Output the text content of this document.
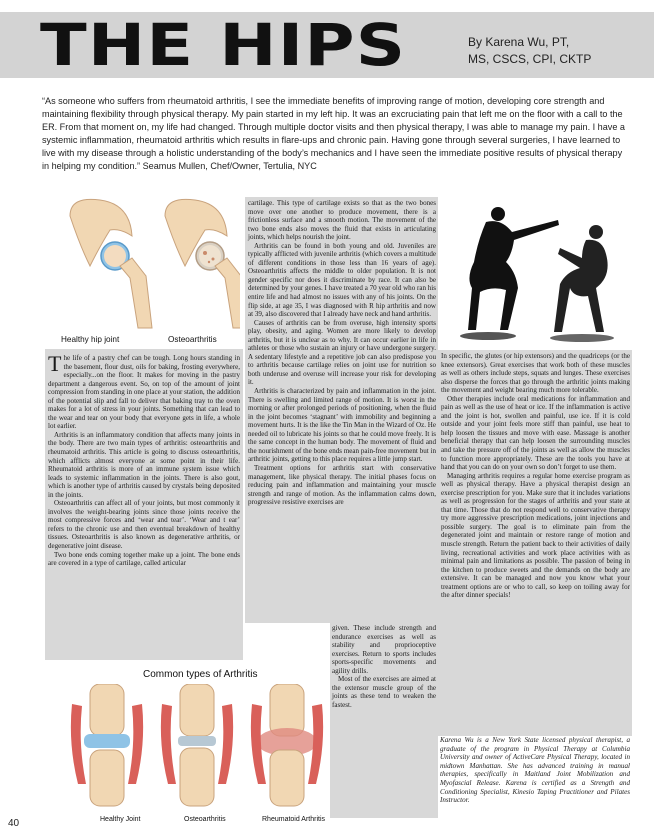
THE HIPS	By Karena Wu, PT,
MS, CSCS, CPI, CKTP
“As someone who suffers from rheumatoid arthritis, I see the immediate benefits of improving range of motion, developing core strength and maintaining flexibility through physical therapy. My pain started in my left hip. It was an excruciating pain that left me on the floor with a call to the ER. From that moment on, my life had changed. Through multiple doctor visits and then physical therapy, I was able to manage my pain. I have a systemic inflammation, rheumatoid arthritis which results in flare-ups and chronic pain. Having gone through several surgeries, I have learned to live with my disease through a holistic understanding of the body’s mechanics and I have seen the immediate positive results of physical therapy in helping my condition.” Seamus Mullen, Chef/Owner, Tertulia, NYC
Healthy hip joint	Osteoarthritis

The life of a pastry chef can be tough. Long hours standing in the basement, flour dust, oils for baking, frosting everywhere, especially...on the floor. It makes for moving in the pastry department a dangerous event. So, on top of the amount of joint compression from standing in one place at your station, the addition of the potential slip and fall to deliver that baking tray to the oven makes for a lot of stress in your joints. Something that can lead to the wear and tear on your body that everyone gets in life, a whole lot earlier.

Arthritis is an inflammatory condition that affects many joints in the body. There are two main types of arthritis: osteoarthritis and rheumatoid arthritis. This article is going to discuss osteoarthritis, which afflicts almost everyone at some point in their life. Rheumatoid arthritis is more of an immune system issue which leads to systemic inflammation in the joints. There is also gout, which is another type of arthritis caused by crystals being deposited in the joints.

Osteoarthritis can affect all of your joints, but most commonly it involves the weight-bearing joints since those joints receive the most compressive forces and ‘wear and tear’. ‘Wear and t ear’ refers to the chronic use and then eventual breakdown of healthy tissues. Osteoarthritis is also known as degenerative arthritis, or degenerative joint disease.

Two bone ends coming together make up a joint. The bone ends are covered in a type of cartilage, called articular

cartilage. This type of cartilage exists so that as the two bones move over one another to produce movement, there is a frictionless surface and a smooth motion. The movement of the two bone ends also moves the fluid that exists in articulating joints, which helps nourish the joint.

Arthritis can be found in both young and old. Juveniles are typically afflicted with juvenile arthritis (which covers a multitude of different conditions in those less than 16 years of age). Osteoarthritis affects the middle to older population. It is not gender specific nor does it discriminate by race. It can also be determined by your genes. I have treated a 70 year old who ran his entire life and had almost no issues with any of his joints. On the flip side, at age 35, I was diagnosed with R hip arthritis and now at 39, also discovered that I already have neck and hand arthritis.

Causes of arthritis can be from overuse, high intensity sports play, obesity, and aging. Women are more likely to develop arthritis, but it is unclear as to why. It can occur earlier in life in athletes or those who sustain an injury or have undergone surgery. A sedentary lifestyle and a repetitive job can also predispose you to arthritis because cartilage relies on joint use for nutrition so both underuse and overuse will increase your risk for developing it.

Arthritis is characterized by pain and inflammation in the joint. There is swelling and limited range of motion. It is worst in the morning or after prolonged periods of positioning, when the fluid in the joint becomes ‘stagnant’ with immobility and beginning a movement hurts. It is the like the Tin Man in the Wizard of Oz. He needed oil to lubricate his joints so that he could move freely. It is the same concept in the human body. The movement of fluid and the nourishment of the bone ends mean pain-free movement but in arthritic joints, getting to this place requires a little jump start.

Treatment options for arthritis start with conservative management, like physical therapy. The initial phases focus on reducing pain and inflammation and maintaining your muscle strength and range of motion. As the inflammation calms down, progressive resistive exercises are

given. These include strength and endurance exercises as well as stability and proprioceptive exercises. Return to sports includes sports-specific movements and agility drills.

Most of the exercises are aimed at the extensor muscle group of the joints as these tend to weaken the fastest.

Common types of Arthritis
Healthy Joint	Osteoarthritis	Rheumatoid Arthritis

In specific, the glutes (or hip extensors) and the quadriceps (or the knee extensors). Great exercises that work both of these muscles as well as others include steps, squats and lunges. These exercises also disperse the forces that go through the arthritic joints making the movement and weight bearing much more tolerable.

Other therapies include oral medications for inflammation and pain as well as the use of heat or ice. If the inflammation is active and the joint is hot, swollen and painful, use ice. If it is cold outside and your joint feels more stiff than painful, use heat to help loosen the tissues and move with ease. Massage is another beneficial therapy that can help loosen the surrounding muscles and take the pressure off of the joints as well as allow the muscles to function more appropriately. These are the tools you have at hand that you can do on your own so don’t forget to use them.

Managing arthritis requires a regular home exercise program as well as physical therapy. Have a physical therapist design an exercise prescription for you. Make sure that it includes variations as well as progression for the stages of arthritis and your state at that time. Those that do not respond well to conservative therapy try more aggressive prescription medications, joint injections and possible surgery. The goal is to eliminate pain from the degenerated joint and maintain or restore range of motion and muscle strength. Return the patient back to their activities of daily living, recreational activities and work place activities with as minimal pain and limitations as possible. The passion of being in the kitchen to produce sweets and the demands on the body are extensive. It can be managed and now you know what your treatment options are or who to call, so keep on toiling away for the after dinner specials!

Karena Wu is a New York State licensed physical therapist, a graduate of the program in Physical Therapy at Columbia University and owner of ActiveCare Physical Therapy, located in midtown Manhattan. She has advanced training in manual therapies, specifically in Maitland Joint Mobilization and Myofascial Release. Karena is certified as a Strength and Conditioning Specialist, Kinesio Taping Practitioner and Pilates Instructor.
40
